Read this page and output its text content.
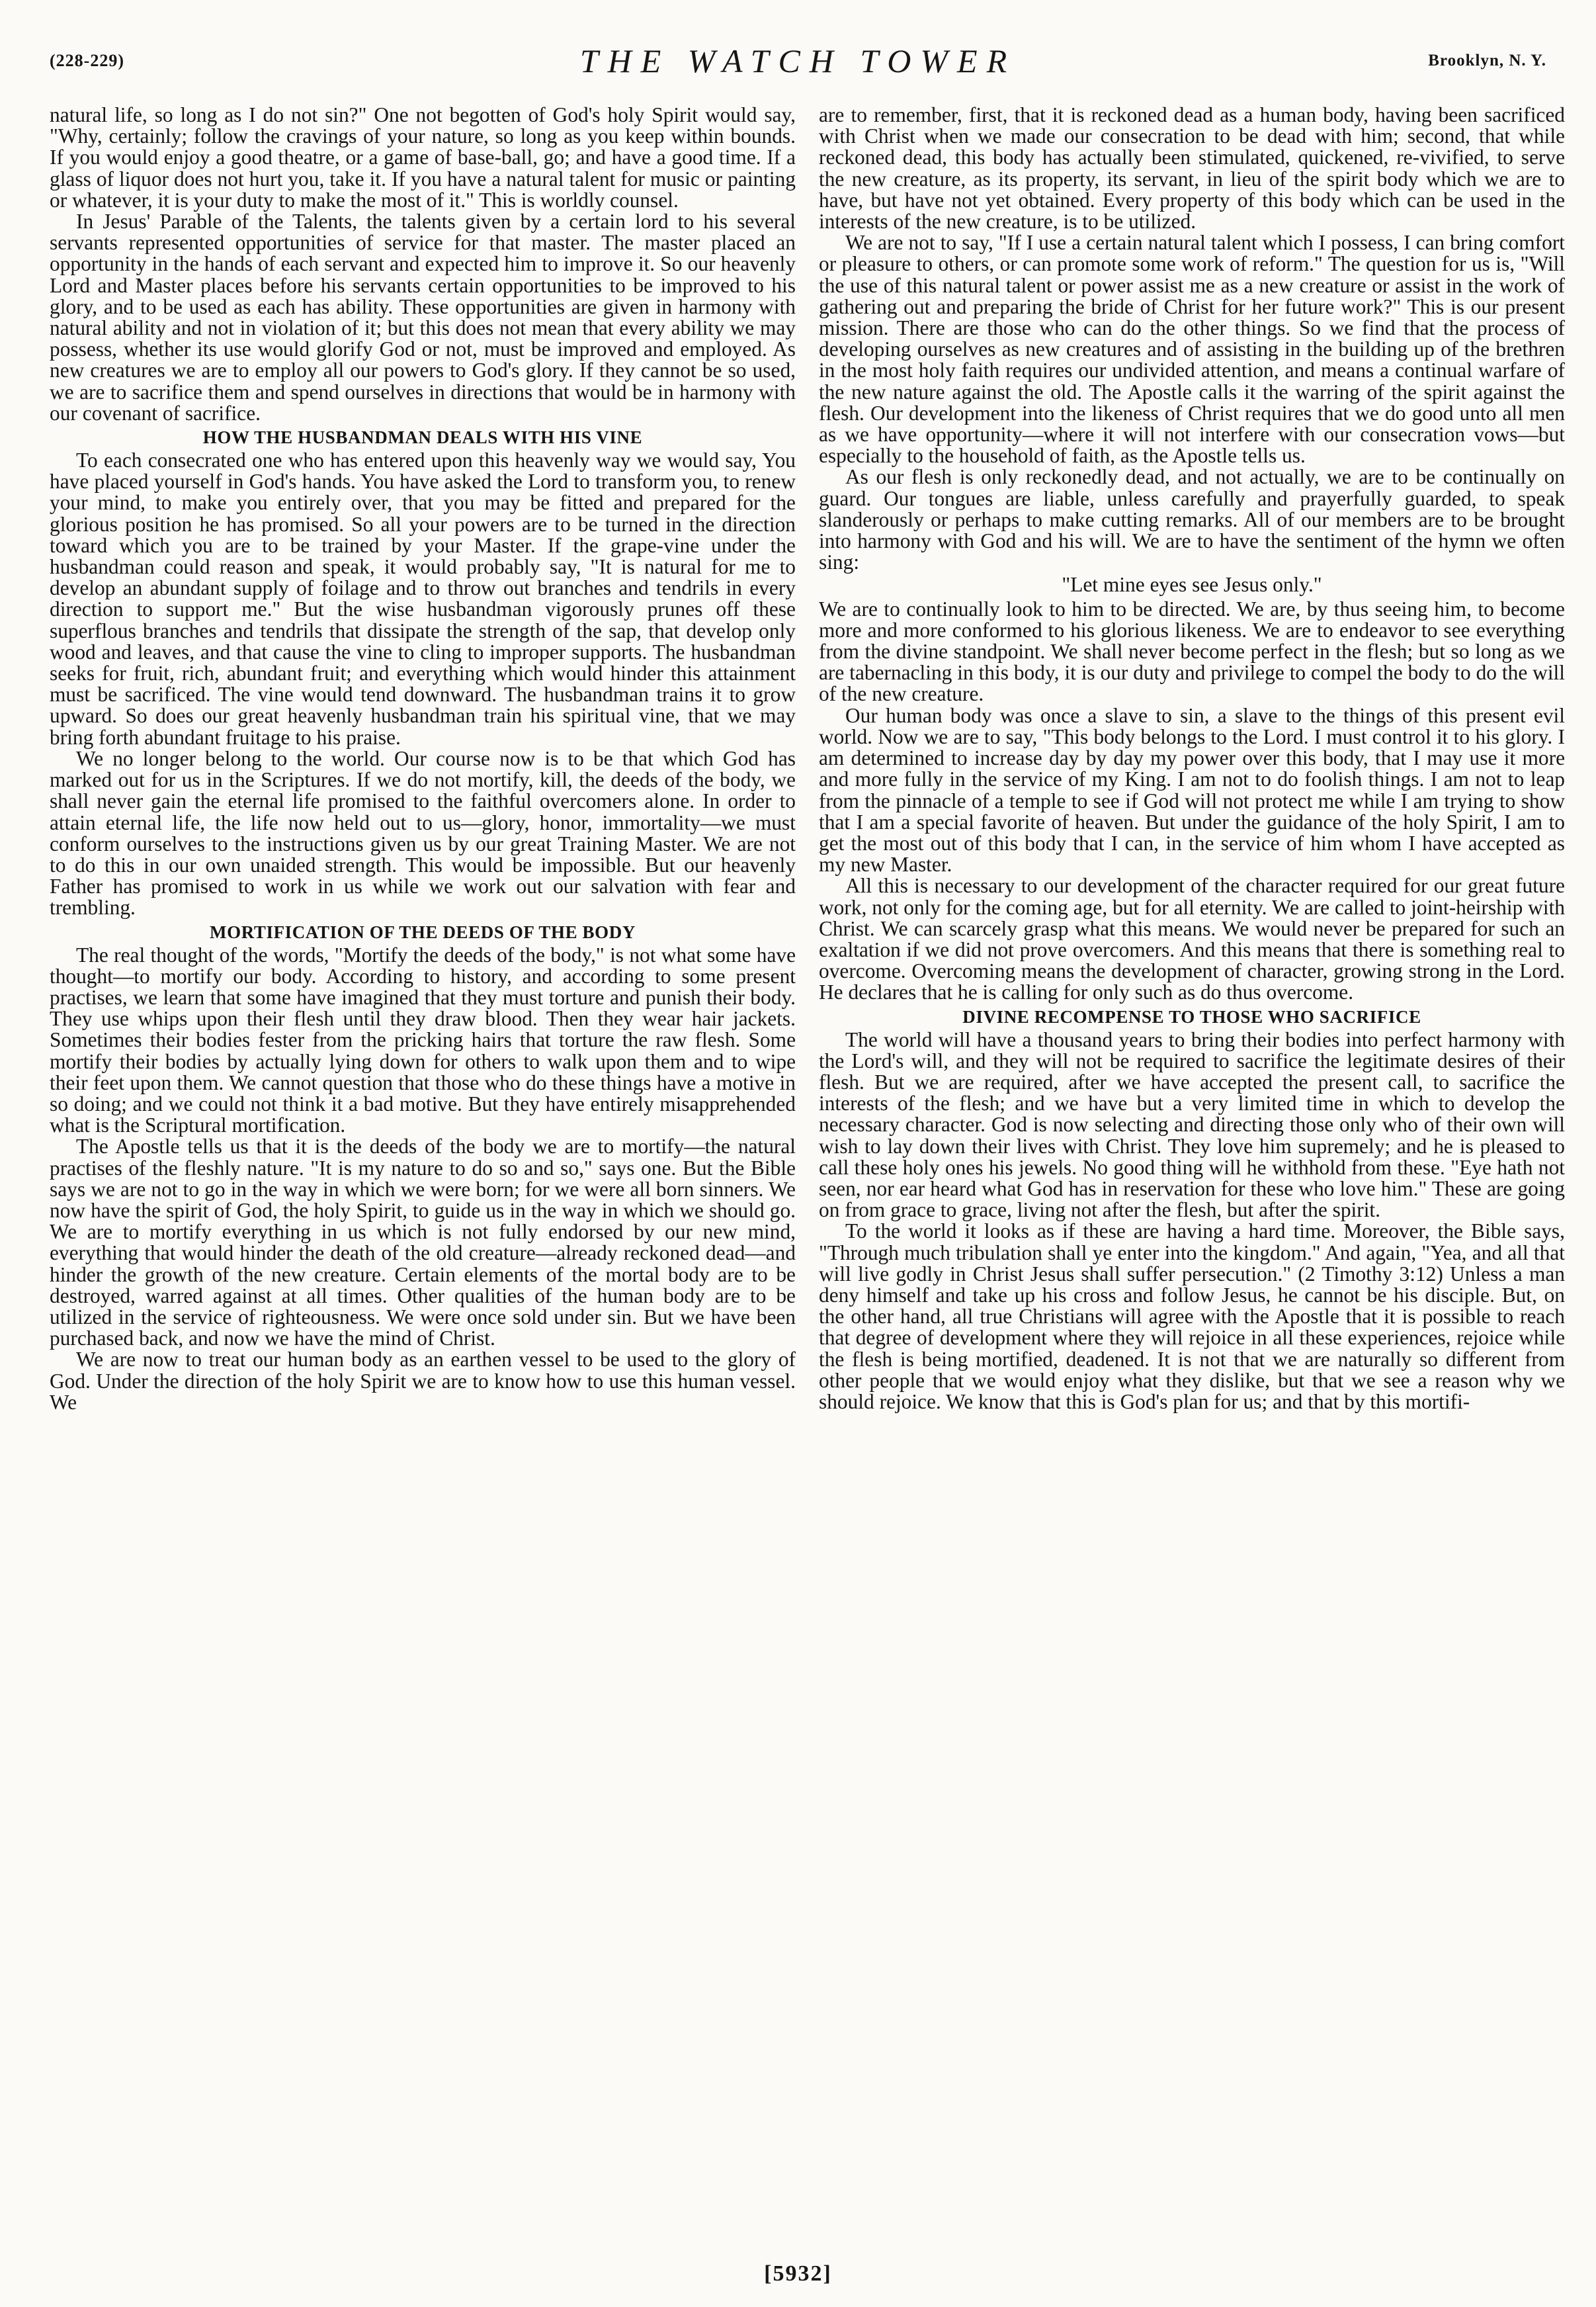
(228-229)	THE WATCH TOWER	Brooklyn, N. Y.

natural life, so long as I do not sin?" One not begotten of God's holy Spirit would say, "Why, certainly; follow the cravings of your nature, so long as you keep within bounds. If you would enjoy a good theatre, or a game of base-ball, go; and have a good time. If a glass of liquor does not hurt you, take it. If you have a natural talent for music or painting or whatever, it is your duty to make the most of it." This is worldly counsel.

In Jesus' Parable of the Talents, the talents given by a certain lord to his several servants represented opportunities of service for that master. The master placed an opportunity in the hands of each servant and expected him to improve it. So our heavenly Lord and Master places before his servants certain opportunities to be improved to his glory, and to be used as each has ability. These opportunities are given in harmony with natural ability and not in violation of it; but this does not mean that every ability we may possess, whether its use would glorify God or not, must be improved and employed. As new creatures we are to employ all our powers to God's glory. If they cannot be so used, we are to sacrifice them and spend ourselves in directions that would be in harmony with our covenant of sacrifice.

HOW THE HUSBANDMAN DEALS WITH HIS VINE

To each consecrated one who has entered upon this heavenly way we would say, You have placed yourself in God's hands. You have asked the Lord to transform you, to renew your mind, to make you entirely over, that you may be fitted and prepared for the glorious position he has promised. So all your powers are to be turned in the direction toward which you are to be trained by your Master. If the grape-vine under the husbandman could reason and speak, it would probably say, "It is natural for me to develop an abundant supply of foilage and to throw out branches and tendrils in every direction to support me." But the wise husbandman vigorously prunes off these superflous branches and tendrils that dissipate the strength of the sap, that develop only wood and leaves, and that cause the vine to cling to improper supports. The husbandman seeks for fruit, rich, abundant fruit; and everything which would hinder this attainment must be sacrificed. The vine would tend downward. The husbandman trains it to grow upward. So does our great heavenly husbandman train his spiritual vine, that we may bring forth abundant fruitage to his praise.

We no longer belong to the world. Our course now is to be that which God has marked out for us in the Scriptures. If we do not mortify, kill, the deeds of the body, we shall never gain the eternal life promised to the faithful overcomers alone. In order to attain eternal life, the life now held out to us—glory, honor, immortality—we must conform ourselves to the instructions given us by our great Training Master. We are not to do this in our own unaided strength. This would be impossible. But our heavenly Father has promised to work in us while we work out our salvation with fear and trembling.

MORTIFICATION OF THE DEEDS OF THE BODY

The real thought of the words, "Mortify the deeds of the body," is not what some have thought—to mortify our body. According to history, and according to some present practises, we learn that some have imagined that they must torture and punish their body. They use whips upon their flesh until they draw blood. Then they wear hair jackets. Sometimes their bodies fester from the pricking hairs that torture the raw flesh. Some mortify their bodies by actually lying down for others to walk upon them and to wipe their feet upon them. We cannot question that those who do these things have a motive in so doing; and we could not think it a bad motive. But they have entirely misapprehended what is the Scriptural mortification.

The Apostle tells us that it is the deeds of the body we are to mortify—the natural practises of the fleshly nature. "It is my nature to do so and so," says one. But the Bible says we are not to go in the way in which we were born; for we were all born sinners. We now have the spirit of God, the holy Spirit, to guide us in the way in which we should go. We are to mortify everything in us which is not fully endorsed by our new mind, everything that would hinder the death of the old creature—already reckoned dead—and hinder the growth of the new creature. Certain elements of the mortal body are to be destroyed, warred against at all times. Other qualities of the human body are to be utilized in the service of righteousness. We were once sold under sin. But we have been purchased back, and now we have the mind of Christ.

We are now to treat our human body as an earthen vessel to be used to the glory of God. Under the direction of the holy Spirit we are to know how to use this human vessel. We

are to remember, first, that it is reckoned dead as a human body, having been sacrificed with Christ when we made our consecration to be dead with him; second, that while reckoned dead, this body has actually been stimulated, quickened, re-vivified, to serve the new creature, as its property, its servant, in lieu of the spirit body which we are to have, but have not yet obtained. Every property of this body which can be used in the interests of the new creature, is to be utilized.

We are not to say, "If I use a certain natural talent which I possess, I can bring comfort or pleasure to others, or can promote some work of reform." The question for us is, "Will the use of this natural talent or power assist me as a new creature or assist in the work of gathering out and preparing the bride of Christ for her future work?" This is our present mission. There are those who can do the other things. So we find that the process of developing ourselves as new creatures and of assisting in the building up of the brethren in the most holy faith requires our undivided attention, and means a continual warfare of the new nature against the old. The Apostle calls it the warring of the spirit against the flesh. Our development into the likeness of Christ requires that we do good unto all men as we have opportunity—where it will not interfere with our consecration vows—but especially to the household of faith, as the Apostle tells us.

As our flesh is only reckonedly dead, and not actually, we are to be continually on guard. Our tongues are liable, unless carefully and prayerfully guarded, to speak slanderously or perhaps to make cutting remarks. All of our members are to be brought into harmony with God and his will. We are to have the sentiment of the hymn we often sing:

"Let mine eyes see Jesus only."

We are to continually look to him to be directed. We are, by thus seeing him, to become more and more conformed to his glorious likeness. We are to endeavor to see everything from the divine standpoint. We shall never become perfect in the flesh; but so long as we are tabernacling in this body, it is our duty and privilege to compel the body to do the will of the new creature.

Our human body was once a slave to sin, a slave to the things of this present evil world. Now we are to say, "This body belongs to the Lord. I must control it to his glory. I am determined to increase day by day my power over this body, that I may use it more and more fully in the service of my King. I am not to do foolish things. I am not to leap from the pinnacle of a temple to see if God will not protect me while I am trying to show that I am a special favorite of heaven. But under the guidance of the holy Spirit, I am to get the most out of this body that I can, in the service of him whom I have accepted as my new Master.

All this is necessary to our development of the character required for our great future work, not only for the coming age, but for all eternity. We are called to joint-heirship with Christ. We can scarcely grasp what this means. We would never be prepared for such an exaltation if we did not prove overcomers. And this means that there is something real to overcome. Overcoming means the development of character, growing strong in the Lord. He declares that he is calling for only such as do thus overcome.

DIVINE RECOMPENSE TO THOSE WHO SACRIFICE

The world will have a thousand years to bring their bodies into perfect harmony with the Lord's will, and they will not be required to sacrifice the legitimate desires of their flesh. But we are required, after we have accepted the present call, to sacrifice the interests of the flesh; and we have but a very limited time in which to develop the necessary character. God is now selecting and directing those only who of their own will wish to lay down their lives with Christ. They love him supremely; and he is pleased to call these holy ones his jewels. No good thing will he withhold from these. "Eye hath not seen, nor ear heard what God has in reservation for these who love him." These are going on from grace to grace, living not after the flesh, but after the spirit.

To the world it looks as if these are having a hard time. Moreover, the Bible says, "Through much tribulation shall ye enter into the kingdom." And again, "Yea, and all that will live godly in Christ Jesus shall suffer persecution." (2 Timothy 3:12) Unless a man deny himself and take up his cross and follow Jesus, he cannot be his disciple. But, on the other hand, all true Christians will agree with the Apostle that it is possible to reach that degree of development where they will rejoice in all these experiences, rejoice while the flesh is being mortified, deadened. It is not that we are naturally so different from other people that we would enjoy what they dislike, but that we see a reason why we should rejoice. We know that this is God's plan for us; and that by this mortifi-

[5932]
